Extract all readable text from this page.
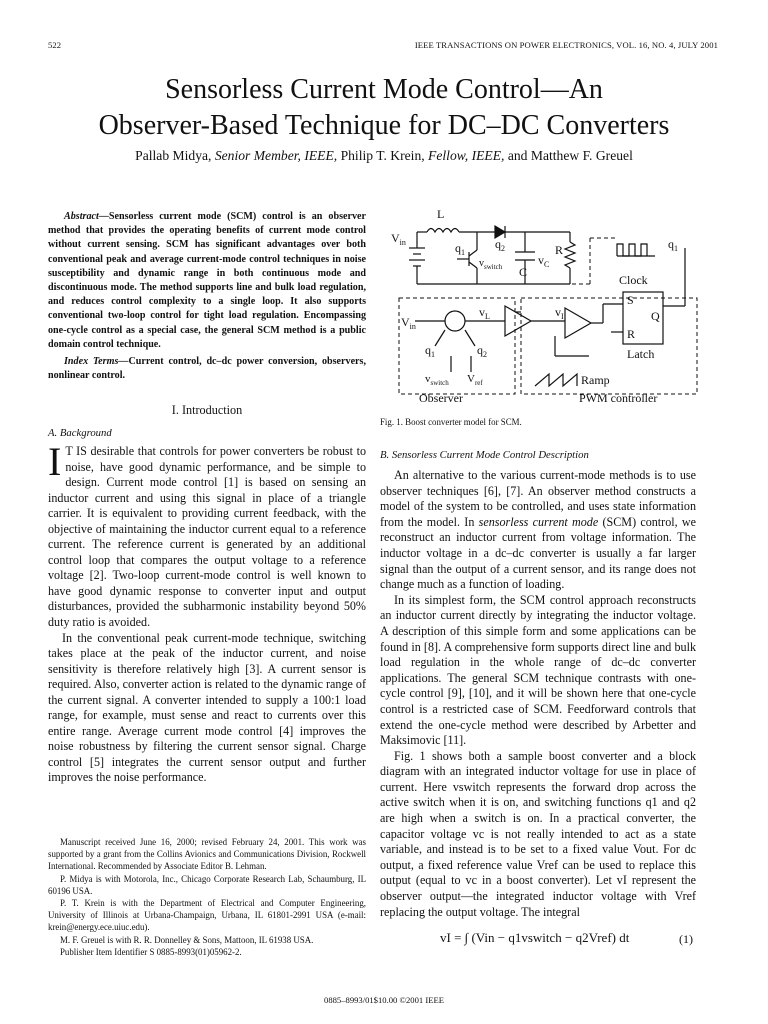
522	IEEE TRANSACTIONS ON POWER ELECTRONICS, VOL. 16, NO. 4, JULY 2001
Sensorless Current Mode Control—An
Observer-Based Technique for DC–DC Converters
Pallab Midya, Senior Member, IEEE, Philip T. Krein, Fellow, IEEE, and Matthew F. Greuel
Abstract—Sensorless current mode (SCM) control is an observer method that provides the operating benefits of current mode control without current sensing. SCM has significant advantages over both conventional peak and average current-mode control techniques in noise susceptibility and dynamic range in both continuous mode and discontinuous mode. The method supports line and bulk load regulation, and reduces control complexity to a single loop. It also supports conventional two-loop control for tight load regulation. Encompassing one-cycle control as a special case, the general SCM method is a public domain control technique.
Index Terms—Current control, dc–dc power conversion, observers, nonlinear control.
I. Introduction
A. Background

I T IS desirable that controls for power converters be robust to noise, have good dynamic performance, and be simple to design. Current mode control [1] is based on sensing an inductor current and using this signal in place of a triangle carrier. It is equivalent to providing current feedback, with the objective of maintaining the inductor current equal to a reference current. The reference current is generated by an additional control loop that compares the output voltage to a reference voltage [2]. Two-loop current-mode control is well known to have good dynamic response to converter input and output disturbances, provided the subharmonic instability beyond 50% duty ratio is avoided.

In the conventional peak current-mode technique, switching takes place at the peak of the inductor current, and noise sensitivity is therefore relatively high [3]. A current sensor is required. Also, converter action is related to the dynamic range of the current signal. A converter intended to supply a 100:1 load range, for example, must sense and react to currents over this entire range. Average current mode control [4] improves the noise robustness by filtering the current sensor signal. Charge control [5] integrates the current sensor output and further improves the noise performance.

Manuscript received June 16, 2000; revised February 24, 2001. This work was supported by a grant from the Collins Avionics and Communications Division, Rockwell International. Recommended by Associate Editor B. Lehman.

P. Midya is with Motorola, Inc., Chicago Corporate Research Lab, Schaumburg, IL 60196 USA.

P. T. Krein is with the Department of Electrical and Computer Engineering, University of Illinois at Urbana-Champaign, Urbana, IL 61801-2991 USA (e-mail: krein@energy.ece.uiuc.edu).

M. F. Greuel is with R. R. Donnelley & Sons, Mattoon, IL 61938 USA.

Publisher Item Identifier S 0885-8993(01)05962-2.

L
$V_{in}$	$q_1$
$q_2$
$v_{switch}$	$v_C$
C
R	$q_1$
Clock
S
Q
R
Latch
$V_{in}$
$v_L$	$v_I$
$q_1$	$q_2$
$v_{switch}$ $V_{ref}$	Ramp
Observer	PWM controller
Fig. 1. Boost converter model for SCM.
B. Sensorless Current Mode Control Description

An alternative to the various current-mode methods is to use observer techniques [6], [7]. An observer method constructs a model of the system to be controlled, and uses state information from the model. In sensorless current mode (SCM) control, we reconstruct an inductor current from voltage information. The inductor voltage in a dc–dc converter is usually a far larger signal than the output of a current sensor, and its range does not change much as a function of loading.

In its simplest form, the SCM control approach reconstructs an inductor current directly by integrating the inductor voltage. A description of this simple form and some applications can be found in [8]. A comprehensive form supports direct line and bulk load regulation in the whole range of dc–dc converter applications. The general SCM technique contrasts with one-cycle control [9], [10], and it will be shown here that one-cycle control is a restricted case of SCM. Feedforward controls that extend the one-cycle method were described by Arbetter and Maksimovic [11].

Fig. 1 shows both a sample boost converter and a block diagram with an integrated inductor voltage for use in place of current. Here vswitch represents the forward drop across the active switch when it is on, and switching functions q1 and q2 are high when a switch is on. In a practical converter, the capacitor voltage vc is not really intended to act as a state variable, and instead is to be set to a fixed value Vout. For dc output, a fixed reference value Vref can be used to replace this output (equal to vc in a boost converter). Let vI represent the observer output—the integrated inductor voltage with Vref replacing the output voltage. The integral

vI = ∫ (Vin − q1vswitch − q2Vref) dt	(1)
0885–8993/01$10.00 ©2001 IEEE
